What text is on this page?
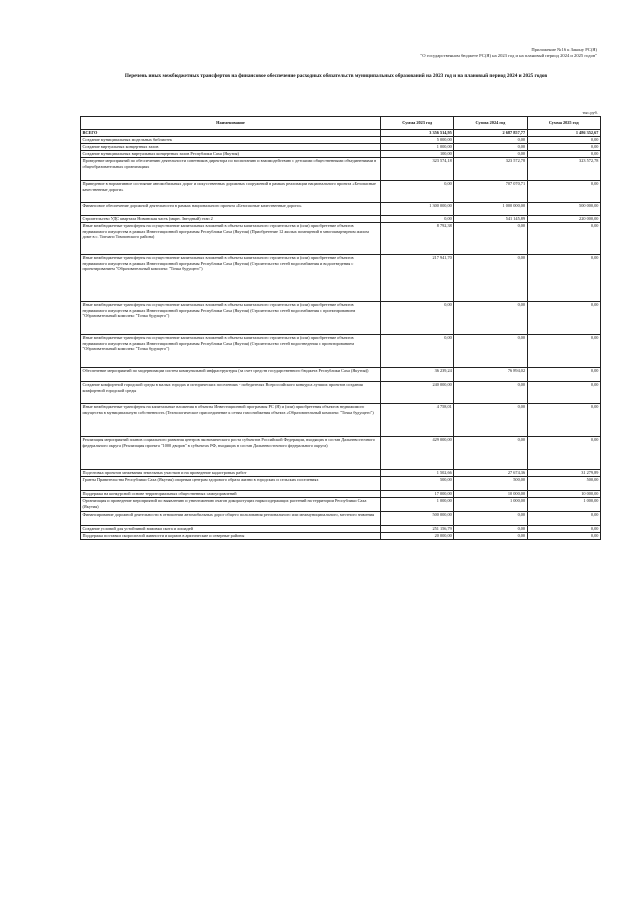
Приложение №16 к Закону РС(Я)
"О государственном бюджете РС(Я) на 2023 год и на плановый период 2024 и 2025 годов"
Перечень иных межбюджетных трансфертов на финансовое обеспечение расходных обязательств муниципальных образований на 2023 год и на плановый период 2024 и 2025 годов
тыс.руб.
Наименование	Сумма 2023 год	Сумма 2024 год	Сумма 2025 год
ВСЕГО	3 356 514,95	2 687 857,77	1 486 352,67
Создание муниципальных модельных библиотек	5 000,00	0,00	0,00
Создание виртуальных концертных залов	1 000,00	0,00	0,00
Создание муниципальных виртуальных концертных залов Республики Саха (Якутия)	100,00	0,00	0,00
Проведение мероприятий по обеспечению деятельности советников директора по воспитанию и взаимодействию с детскими общественными объединениями в общеобразовательных организациях	323 574,18	323 572,78	323 572,78
Приведение в нормативное состояние автомобильных дорог и искусственных дорожных сооружений в рамках реализации национального проекта «Безопасные качественные дороги»	0,00	707 070,71	0,00
Финансовое обеспечение дорожной деятельности в рамках национального проекта «Безопасные качественные дороги»	1 300 000,00	1 000 000,00	500 000,00
Строительство УДС квартала Новинская часть (мкрн. Звездный) этап 2	0,00	541 145,89	220 000,00
Иные межбюджетные трансферты на осуществление капитальных вложений в объекты капитального строительства и (или) приобретение объектов недвижимого имущества в рамках Инвестиционной программы Республики Саха (Якутия) (Приобретение 12 жилых помещений в многоквартирном жилом доме в с. Топчаги Томпонского района)	8 792,38	0,00	0,00
Иные межбюджетные трансферты на осуществление капитальных вложений в объекты капитального строительства и (или) приобретение объектов недвижимого имущества в рамках Инвестиционной программы Республики Саха (Якутия) (Строительство сетей водоснабжения и водоотведения с проектированием "Образовательный комплекс "Точка будущего")	217 941,70	0,00	0,00
Иные межбюджетные трансферты на осуществление капитальных вложений в объекты капитального строительства и (или) приобретение объектов недвижимого имущества в рамках Инвестиционной программы Республики Саха (Якутия) (Строительство сетей водоснабжения с проектированием "Образовательный комплекс "Точка будущего")	0,00	0,00	0,00
Иные межбюджетные трансферты на осуществление капитальных вложений в объекты капитального строительства и (или) приобретение объектов недвижимого имущества в рамках Инвестиционной программы Республики Саха (Якутия) (Строительство сетей водоотведения с проектированием "Образовательный комплекс "Точка будущего")	0,00	0,00	0,00
Обеспечение мероприятий по модернизации систем коммунальной инфраструктуры (за счет средств государственного бюджета Республики Саха (Якутия))	36 239,24	76 894,02	0,00
Создание комфортной городской среды в малых городах и исторических поселениях - победителях Всероссийского конкурса лучших проектов создания комфортной городской среды	240 000,00	0,00	0,00
Иные межбюджетные трансферты на капитальные вложения в объекты Инвестиционной программы РС (Я) и (или) приобретения объектов недвижимого имущества в муниципальную собственность (Технологическое присоединение к сетям газоснабжения объекта «Образовательный комплекс "Точка будущего")	4 758,01	0,00	0,00
Реализация мероприятий планов социального развития центров экономического роста субъектов Российской Федерации, входящих в состав Дальневосточного федерального округа (Реализация проекта "1000 дворов" в субъектах РФ, входящих в состав Дальневосточного федерального округа)	429 000,00	0,00	0,00
Подготовка проектов межевания земельных участков и на проведение кадастровых работ	1 502,66	27 674,36	31 279,89
Гранты Правительства Республики Саха (Якутия) опорным центрам здорового образа жизни в городских и сельских поселениях	500,00	500,00	500,00
Поддержка на конкурсной основе территориальных общественных самоуправлений	17 000,00	10 000,00	10 000,00
Организация и проведение мероприятий по выявлению и уничтожению очагов дикорастущих наркосодержащих растений на территории Республики Саха (Якутия)	1 000,00	1 000,00	1 000,00
Финансирование дорожной деятельности в отношении автомобильных дорог общего пользования регионального или межмуниципального, местного значения	500 000,00	0,00	0,00
Создание условий для устойчивой зимовки скота и лошадей	251 156,79	0,00	0,00
Поддержка поставки скороспелой живности и кормов в арктические и северные районы	20 000,00	0,00	0,00
